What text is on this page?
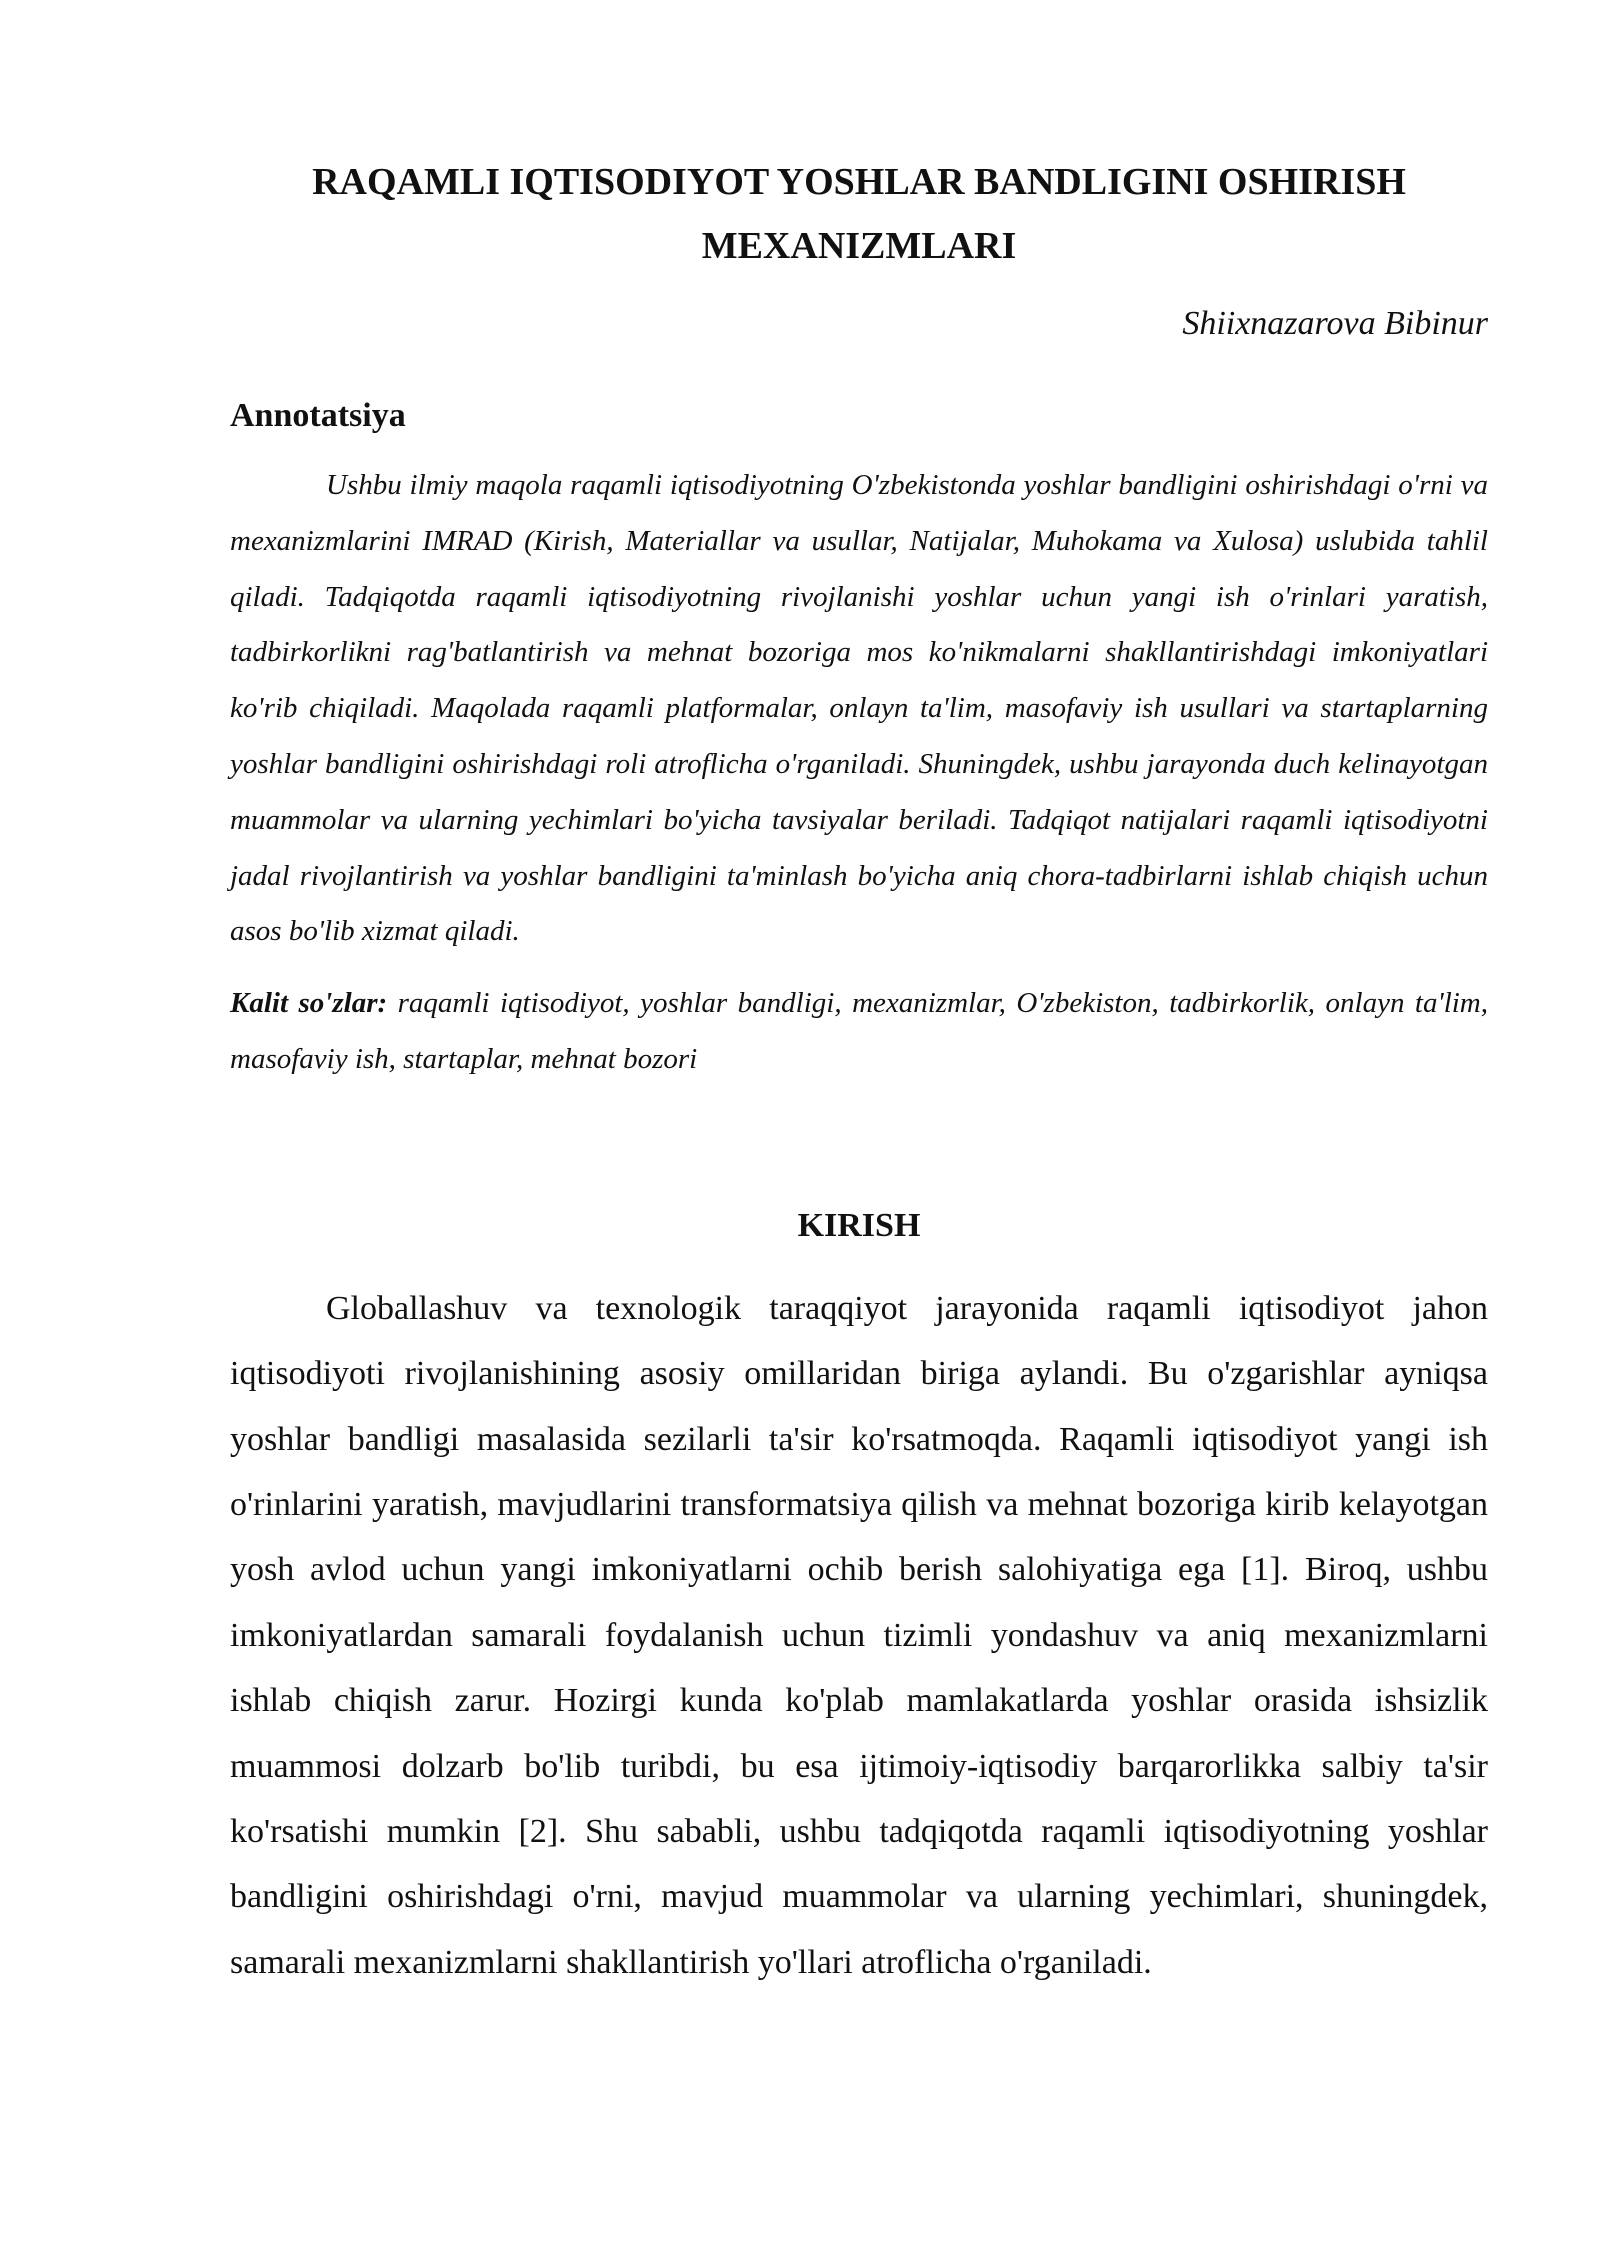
RAQAMLI IQTISODIYOT YOSHLAR BANDLIGINI OSHIRISH MEXANIZMLARI

Shiixnazarova Bibinur

Annotatsiya

Ushbu ilmiy maqola raqamli iqtisodiyotning O'zbekistonda yoshlar bandligini oshirishdagi o'rni va mexanizmlarini IMRAD (Kirish, Materiallar va usullar, Natijalar, Muhokama va Xulosa) uslubida tahlil qiladi. Tadqiqotda raqamli iqtisodiyotning rivojlanishi yoshlar uchun yangi ish o'rinlari yaratish, tadbirkorlikni rag'batlantirish va mehnat bozoriga mos ko'nikmalarni shakllantirishdagi imkoniyatlari ko'rib chiqiladi. Maqolada raqamli platformalar, onlayn ta'lim, masofaviy ish usullari va startaplarning yoshlar bandligini oshirishdagi roli atroflicha o'rganiladi. Shuningdek, ushbu jarayonda duch kelinayotgan muammolar va ularning yechimlari bo'yicha tavsiyalar beriladi. Tadqiqot natijalari raqamli iqtisodiyotni jadal rivojlantirish va yoshlar bandligini ta'minlash bo'yicha aniq chora-tadbirlarni ishlab chiqish uchun asos bo'lib xizmat qiladi.

Kalit so'zlar: raqamli iqtisodiyot, yoshlar bandligi, mexanizmlar, O'zbekiston, tadbirkorlik, onlayn ta'lim, masofaviy ish, startaplar, mehnat bozori

KIRISH

Globallashuv va texnologik taraqqiyot jarayonida raqamli iqtisodiyot jahon iqtisodiyoti rivojlanishining asosiy omillaridan biriga aylandi. Bu o'zgarishlar ayniqsa yoshlar bandligi masalasida sezilarli ta'sir ko'rsatmoqda. Raqamli iqtisodiyot yangi ish o'rinlarini yaratish, mavjudlarini transformatsiya qilish va mehnat bozoriga kirib kelayotgan yosh avlod uchun yangi imkoniyatlarni ochib berish salohiyatiga ega [1]. Biroq, ushbu imkoniyatlardan samarali foydalanish uchun tizimli yondashuv va aniq mexanizmlarni ishlab chiqish zarur. Hozirgi kunda ko'plab mamlakatlarda yoshlar orasida ishsizlik muammosi dolzarb bo'lib turibdi, bu esa ijtimoiy-iqtisodiy barqarorlikka salbiy ta'sir ko'rsatishi mumkin [2]. Shu sababli, ushbu tadqiqotda raqamli iqtisodiyotning yoshlar bandligini oshirishdagi o'rni, mavjud muammolar va ularning yechimlari, shuningdek, samarali mexanizmlarni shakllantirish yo'llari atroflicha o'rganiladi.
